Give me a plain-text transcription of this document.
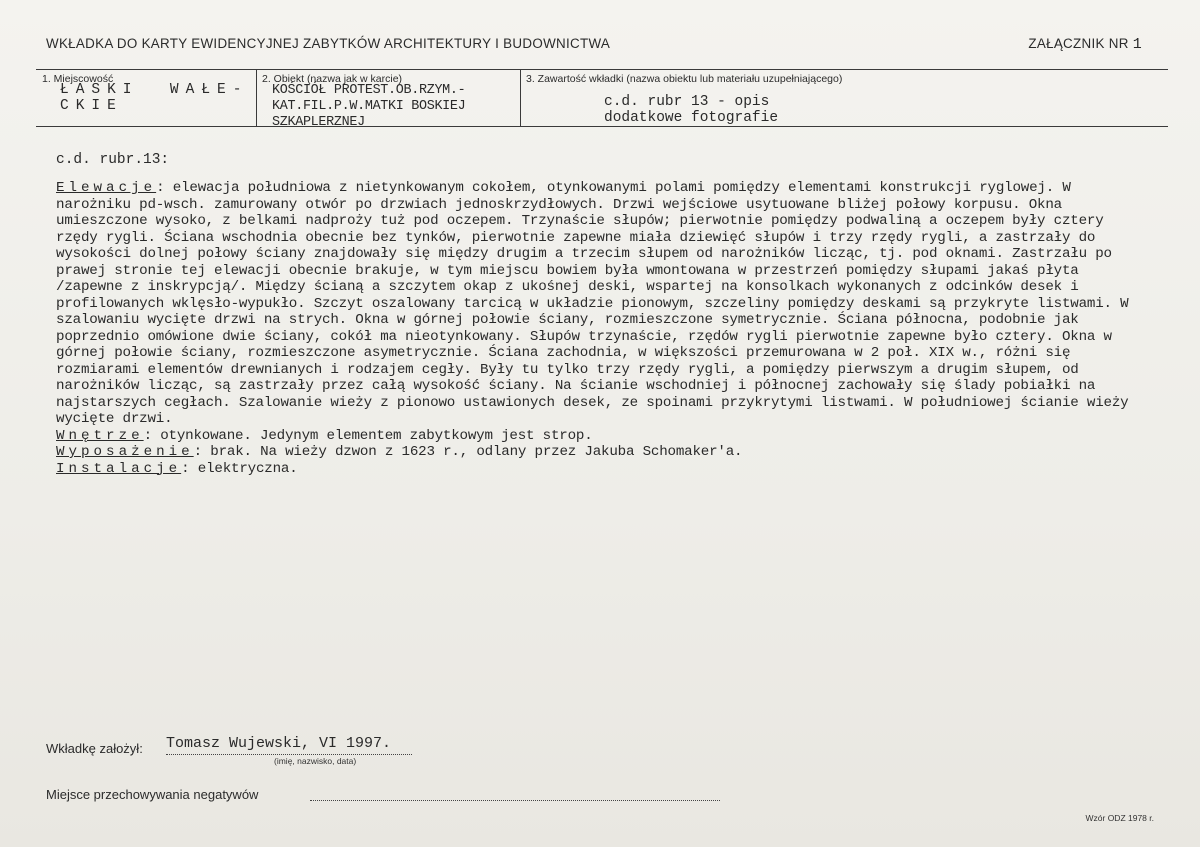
WKŁADKA DO KARTY EWIDENCYJNEJ ZABYTKÓW ARCHITEKTURY I BUDOWNICTWA	ZAŁĄCZNIK NR 1
1. Miejscowość
ŁASKI  WAŁE-
CKIE
2. Obiekt (nazwa jak w karcie)
KOŚCIÓŁ PROTEST.OB.RZYM.-
KAT.FIL.P.W.MATKI BOSKIEJ
SZKAPLERZNEJ
3. Zawartość wkładki (nazwa obiektu lub materiału uzupełniającego)
c.d. rubr 13 - opis
dodatkowe fotografie
c.d. rubr.13:

Elewacje: elewacja południowa z nietynkowanym cokołem, otynkowanymi polami pomiędzy elementami konstrukcji ryglowej. W narożniku pd-wsch. zamurowany otwór po drzwiach jednoskrzydłowych. Drzwi wejściowe usytuowane bliżej połowy korpusu. Okna umieszczone wysoko, z belkami nadproży tuż pod oczepem. Trzynaście słupów; pierwotnie pomiędzy podwaliną a oczepem były cztery rzędy rygli. Ściana wschodnia obecnie bez tynków, pierwotnie zapewne miała dziewięć słupów i trzy rzędy rygli, a zastrzały do wysokości dolnej połowy ściany znajdowały się między drugim a trzecim słupem od narożników licząc, tj. pod oknami. Zastrzału po prawej stronie tej elewacji obecnie brakuje, w tym miejscu bowiem była wmontowana w przestrzeń pomiędzy słupami jakaś płyta /zapewne z inskrypcją/. Między ścianą a szczytem okap z ukośnej deski, wspartej na konsolkach wykonanych z odcinków desek i profilowanych wklęsło-wypukło. Szczyt oszalowany tarcicą w układzie pionowym, szczeliny pomiędzy deskami są przykryte listwami. W szalowaniu wycięte drzwi na strych. Okna w górnej połowie ściany, rozmieszczone symetrycznie. Ściana północna, podobnie jak poprzednio omówione dwie ściany, cokół ma nieotynkowany. Słupów trzynaście, rzędów rygli pierwotnie zapewne było cztery. Okna w górnej połowie ściany, rozmieszczone asymetrycznie. Ściana zachodnia, w większości przemurowana w 2 poł. XIX w., różni się rozmiarami elementów drewnianych i rodzajem cegły. Były tu tylko trzy rzędy rygli, a pomiędzy pierwszym a drugim słupem, od narożników licząc, są zastrzały przez całą wysokość ściany. Na ścianie wschodniej i północnej zachowały się ślady pobiałki na najstarszych cegłach. Szalowanie wieży z pionowo ustawionych desek, ze spoinami przykrytymi listwami. W południowej ścianie wieży wycięte drzwi.

Wnętrze: otynkowane. Jedynym elementem zabytkowym jest strop.

Wyposażenie: brak. Na wieży dzwon z 1623 r., odlany przez Jakuba Schomaker'a.

Instalacje: elektryczna.

Wkładkę założył: Tomasz Wujewski, VI 1997.
(imię, nazwisko, data)
Miejsce przechowywania negatywów
Wzór ODZ 1978 r.
